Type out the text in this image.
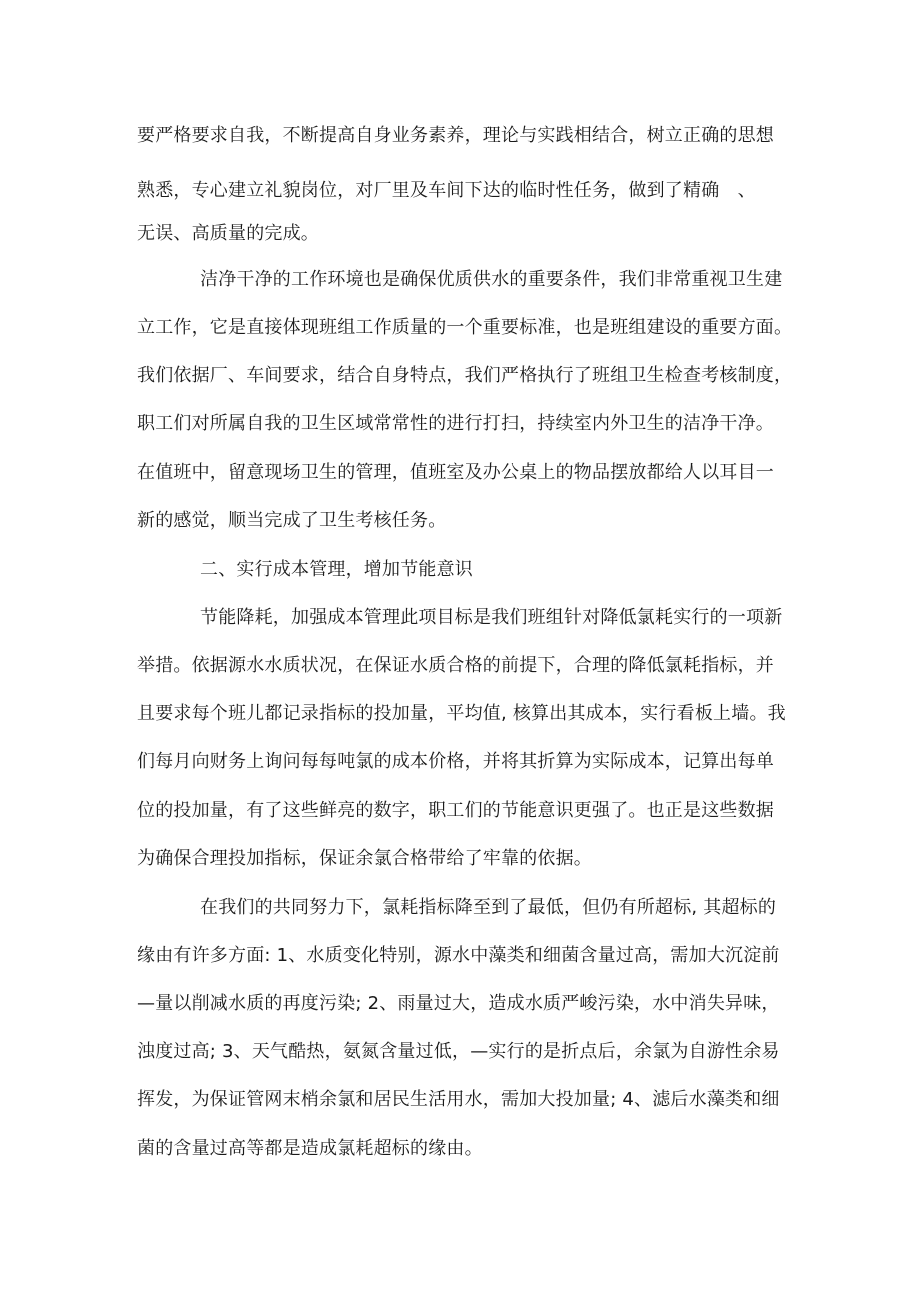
要严格要求自我，不断提高自身业务素养，理论与实践相结合，树立正确的思想
熟悉，专心建立礼貌岗位，对厂里及车间下达的临时性任务，做到了精确　、
无误、高质量的完成。
洁净干净的工作环境也是确保优质供水的重要条件，我们非常重视卫生建
立工作，它是直接体现班组工作质量的一个重要标准，也是班组建设的重要方面。
我们依据厂、车间要求，结合自身特点，我们严格执行了班组卫生检查考核制度，
职工们对所属自我的卫生区域常常性的进行打扫，持续室内外卫生的洁净干净。
在值班中，留意现场卫生的管理，值班室及办公桌上的物品摆放都给人以耳目一
新的感觉，顺当完成了卫生考核任务。
二、实行成本管理，增加节能意识
节能降耗，加强成本管理此项目标是我们班组针对降低氯耗实行的一项新
举措。依据源水水质状况，在保证水质合格的前提下，合理的降低氯耗指标，并
且要求每个班儿都记录指标的投加量，平均值, 核算出其成本，实行看板上墙。我
们每月向财务上询问每每吨氯的成本价格，并将其折算为实际成本，记算出每单
位的投加量，有了这些鲜亮的数字，职工们的节能意识更强了。也正是这些数据
为确保合理投加指标，保证余氯合格带给了牢靠的依据。
在我们的共同努力下，氯耗指标降至到了最低，但仍有所超标, 其超标的
缘由有许多方面: 1、水质变化特别，源水中藻类和细菌含量过高，需加大沉淀前
—量以削减水质的再度污染; 2、雨量过大，造成水质严峻污染，水中消失异味，
浊度过高; 3、天气酷热，氨氮含量过低，—实行的是折点后，余氯为自游性余易
挥发，为保证管网末梢余氯和居民生活用水，需加大投加量; 4、滤后水藻类和细
菌的含量过高等都是造成氯耗超标的缘由。
